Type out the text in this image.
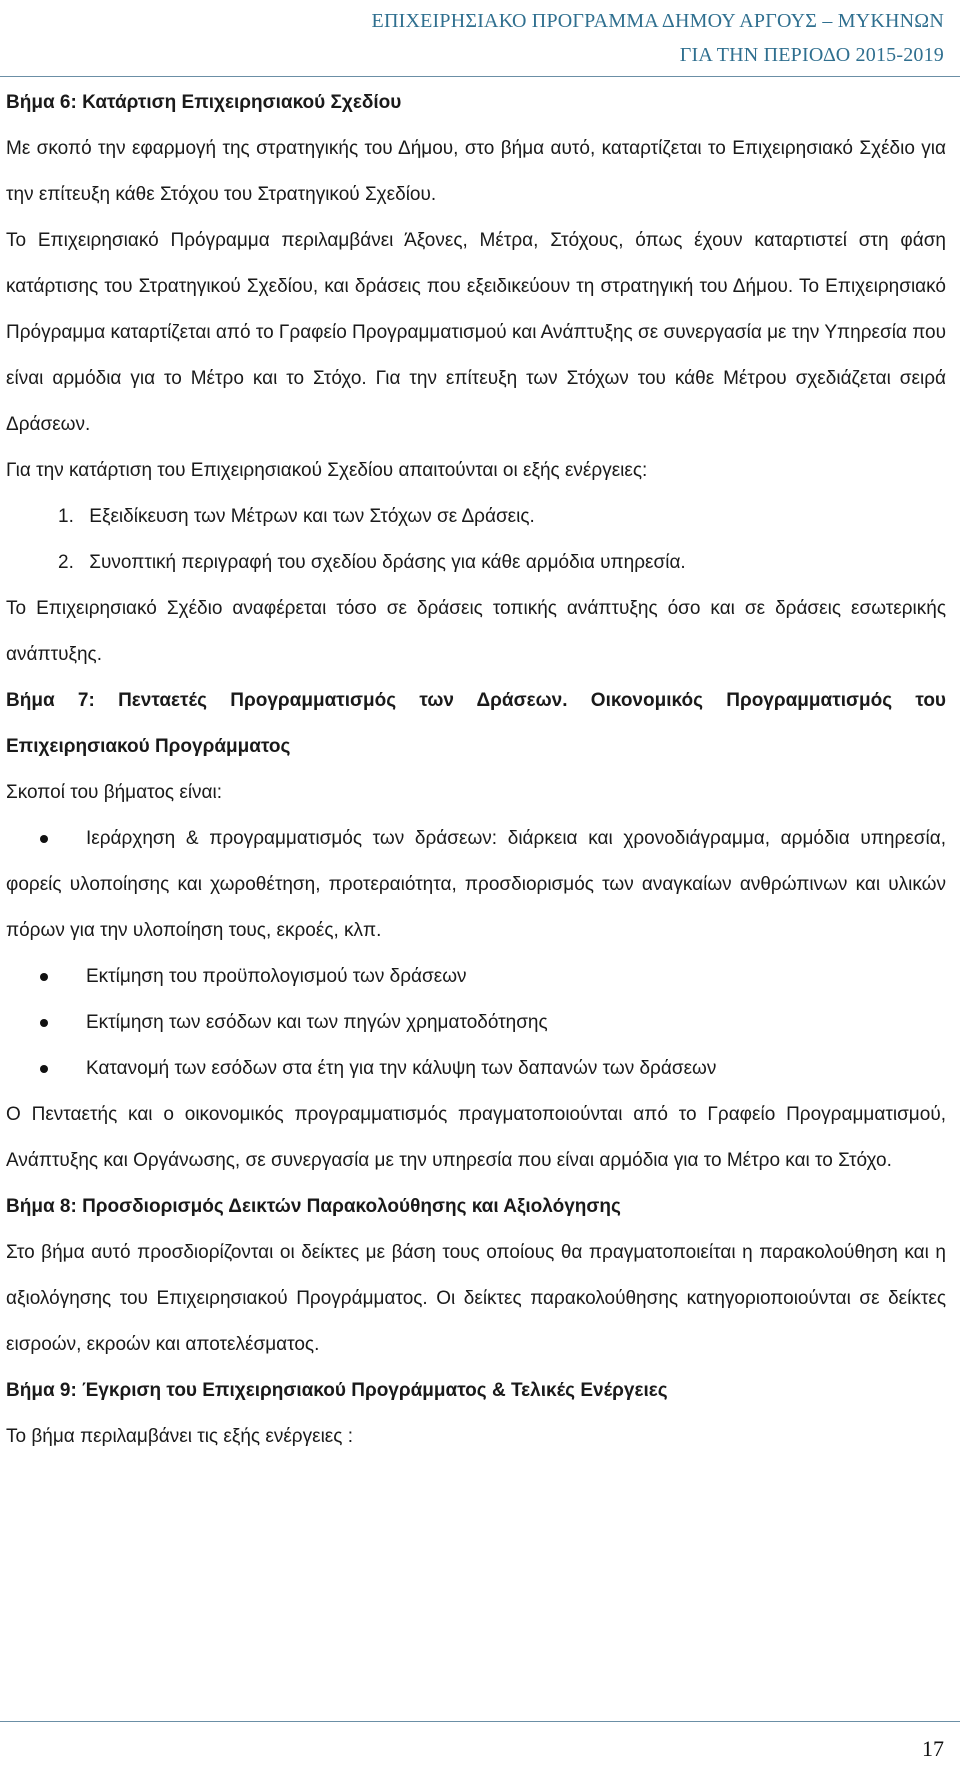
ΕΠΙΧΕΙΡΗΣΙΑΚΟ ΠΡΟΓΡΑΜΜΑ ΔΗΜΟΥ ΑΡΓΟΥΣ – ΜΥΚΗΝΩΝ
ΓΙΑ ΤΗΝ ΠΕΡΙΟΔΟ 2015-2019

Βήμα 6: Κατάρτιση Επιχειρησιακού Σχεδίου

Με σκοπό την εφαρμογή της στρατηγικής του Δήμου, στο βήμα αυτό, καταρτίζεται το Επιχειρησιακό Σχέδιο για την επίτευξη κάθε Στόχου του Στρατηγικού Σχεδίου.

Το Επιχειρησιακό Πρόγραμμα περιλαμβάνει Άξονες, Μέτρα, Στόχους, όπως έχουν καταρτιστεί στη φάση κατάρτισης του Στρατηγικού Σχεδίου, και δράσεις που εξειδικεύουν τη στρατηγική του Δήμου. Το Επιχειρησιακό Πρόγραμμα καταρτίζεται από το Γραφείο Προγραμματισμού και Ανάπτυξης σε συνεργασία με την Υπηρεσία που είναι αρμόδια για το Μέτρο και το Στόχο. Για την επίτευξη των Στόχων του κάθε Μέτρου σχεδιάζεται σειρά Δράσεων.

Για την κατάρτιση του Επιχειρησιακού Σχεδίου απαιτούνται οι εξής ενέργειες:

1. Εξειδίκευση των Μέτρων και των Στόχων σε Δράσεις.

2. Συνοπτική περιγραφή του σχεδίου δράσης για κάθε αρμόδια υπηρεσία.

Το Επιχειρησιακό Σχέδιο αναφέρεται τόσο σε δράσεις τοπικής ανάπτυξης όσο και σε δράσεις εσωτερικής ανάπτυξης.

Βήμα 7: Πενταετές Προγραμματισμός των Δράσεων. Οικονομικός Προγραμματισμός του Επιχειρησιακού Προγράμματος

Σκοποί του βήματος είναι:

Ιεράρχηση & προγραμματισμός των δράσεων: διάρκεια και χρονοδιάγραμμα, αρμόδια υπηρεσία, φορείς υλοποίησης και χωροθέτηση, προτεραιότητα, προσδιορισμός των αναγκαίων ανθρώπινων και υλικών πόρων για την υλοποίηση τους, εκροές, κλπ.

Εκτίμηση του προϋπολογισμού των δράσεων

Εκτίμηση των εσόδων και των πηγών χρηματοδότησης

Κατανομή των εσόδων στα έτη για την κάλυψη των δαπανών των δράσεων

Ο Πενταετής και ο οικονομικός προγραμματισμός πραγματοποιούνται από το Γραφείο Προγραμματισμού, Ανάπτυξης και Οργάνωσης, σε συνεργασία με την υπηρεσία που είναι αρμόδια για το Μέτρο και το Στόχο.

Βήμα 8: Προσδιορισμός Δεικτών Παρακολούθησης και Αξιολόγησης

Στο βήμα αυτό προσδιορίζονται οι δείκτες με βάση τους οποίους θα πραγματοποιείται η παρακολούθηση και η αξιολόγησης του Επιχειρησιακού Προγράμματος. Οι δείκτες παρακολούθησης κατηγοριοποιούνται σε δείκτες εισροών, εκροών και αποτελέσματος.

Βήμα 9: Έγκριση του Επιχειρησιακού Προγράμματος & Τελικές Ενέργειες

Το βήμα περιλαμβάνει τις εξής ενέργειες :

17
